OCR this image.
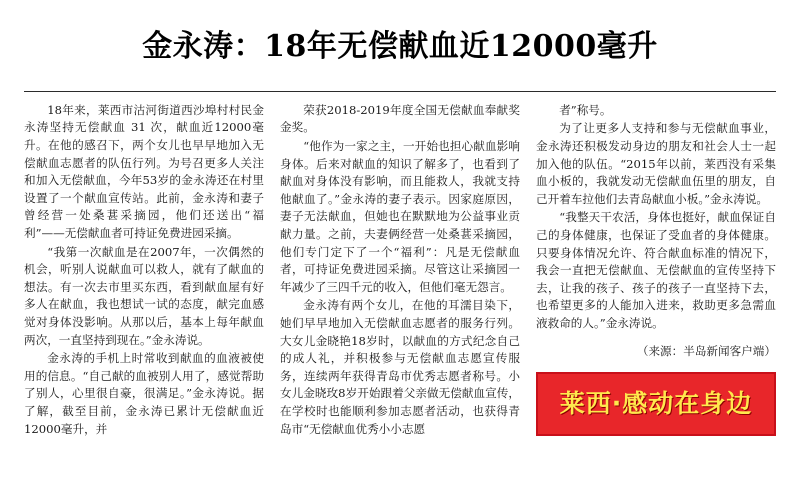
金永涛：18年无偿献血近12000毫升

18年来，莱西市沽河街道西沙埠村村民金永涛坚持无偿献血 31 次，献血近12000毫升。在他的感召下，两个女儿也早早地加入无偿献血志愿者的队伍行列。为号召更多人关注和加入无偿献血，今年53岁的金永涛还在村里设置了一个献血宣传站。此前，金永涛和妻子曾经营一处桑葚采摘园，他们还送出“福利”——无偿献血者可持证免费进园采摘。

“我第一次献血是在2007年，一次偶然的机会，听别人说献血可以救人，就有了献血的想法。有一次去市里买东西，看到献血屋有好多人在献血，我也想试一试的态度，献完血感觉对身体没影响。从那以后，基本上每年献血两次，一直坚持到现在。”金永涛说。

金永涛的手机上时常收到献血的血液被使用的信息。“自己献的血被别人用了，感觉帮助了别人，心里很自豪，很满足。”金永涛说。据了解，截至目前，金永涛已累计无偿献血近12000毫升，并

荣获2018-2019年度全国无偿献血奉献奖金奖。

“他作为一家之主，一开始也担心献血影响身体。后来对献血的知识了解多了，也看到了献血对身体没有影响，而且能救人，我就支持他献血了。”金永涛的妻子表示。因家庭原因，妻子无法献血，但她也在默默地为公益事业贡献力量。之前，夫妻俩经营一处桑葚采摘园，他们专门定下了一个“福利”：凡是无偿献血者，可持证免费进园采摘。尽管这让采摘园一年减少了三四千元的收入，但他们毫无怨言。

金永涛有两个女儿，在他的耳濡目染下，她们早早地加入无偿献血志愿者的服务行列。大女儿金晓艳18岁时，以献血的方式纪念自己的成人礼，并积极参与无偿献血志愿宣传服务，连续两年获得青岛市优秀志愿者称号。小女儿金晓玫8岁开始跟着父亲做无偿献血宣传，在学校时也能顺利参加志愿者活动，也获得青岛市“无偿献血优秀小小志愿

者”称号。

为了让更多人支持和参与无偿献血事业，金永涛还积极发动身边的朋友和社会人士一起加入他的队伍。“2015年以前，莱西没有采集血小板的，我就发动无偿献血伍里的朋友，自己开着车拉他们去青岛献血小板。”金永涛说。

“我整天干农活，身体也挺好，献血保证自己的身体健康，也保证了受血者的身体健康。只要身体情况允许、符合献血标准的情况下，我会一直把无偿献血、无偿献血的宣传坚持下去，让我的孩子、孩子的孩子一直坚持下去，也希望更多的人能加入进来，救助更多急需血液救命的人。”金永涛说。

（来源：半岛新闻客户端）
莱西·感动在身边
